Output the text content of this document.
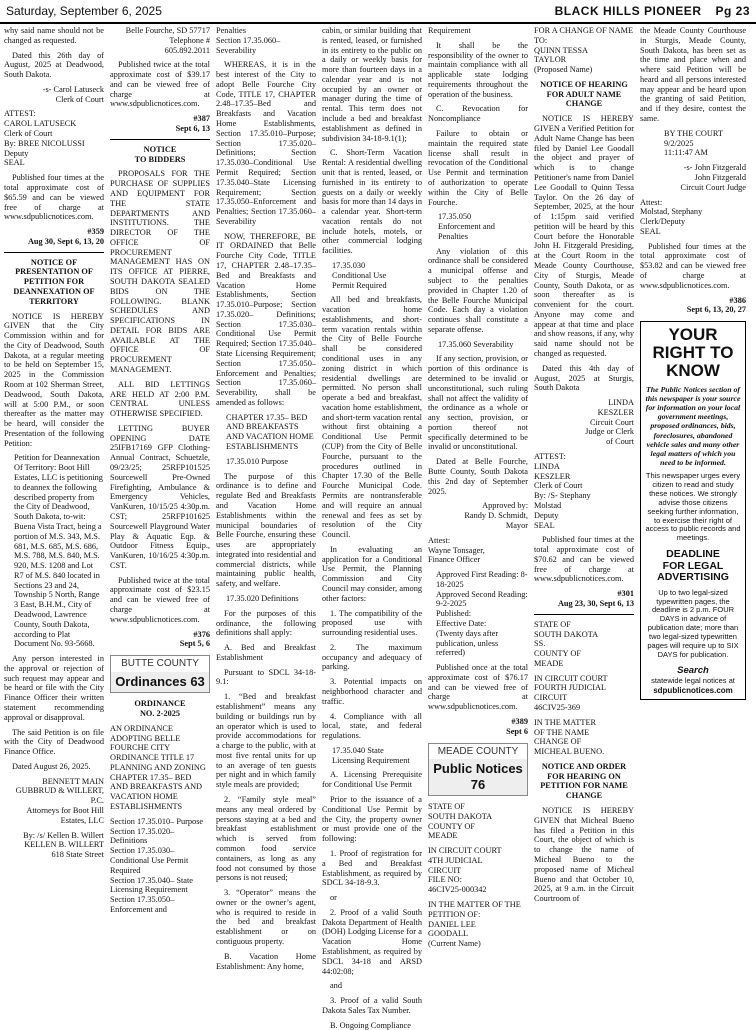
Saturday, September 6, 2025	BLACK HILLS PIONEER Pg 23

why said name should not be changed as requested.

Dated this 26th day of August, 2025 at Deadwood, South Dakota.

-s- Carol Latuseck

Clerk of Court

ATTEST:
CAROL LATUSECK
Clerk of Court
By: BREE NICOLUSSI
Deputy
SEAL

Published four times at the total approximate cost of $65.59 and can be viewed free of charge at www.sdpublicnotices.com.

#359

Aug 30, Sept 6, 13, 20

NOTICE OF PRESENTATION OF PETITION FOR DEANNEXATION OF TERRITORY

NOTICE IS HEREBY GIVEN that the City Commission within and for the City of Deadwood, South Dakota, at a regular meeting to be held on September 15, 2025 in the Commission Room at 102 Sherman Street, Deadwood, South Dakota, will at 5:00 P.M., or soon thereafter as the matter may be heard, will consider the Presentation of the following Petition:

Petition for Deannexation Of Territory: Boot Hill Estates, LLC is petitioning to deannex the following described property from the City of Deadwood, South Dakota, to-wit: Buena Vista Tract, being a portion of M.S. 343, M.S. 681, M.S. 685, M.S. 686, M.S. 788, M.S. 840, M.S. 920, M.S. 1208 and Lot R7 of M.S. 840 located in Sections 23 and 24, Township 5 North, Range 3 East, B.H.M., City of Deadwood, Lawrence County, South Dakota, according to Plat Document No. 93-5668.

Any person interested in the approval or rejection of such request may appear and be heard or file with the City Finance Officer their written statement recommending approval or disapproval.

The said Petition is on file with the City of Deadwood Finance Office.

Dated August 26, 2025.

BENNETT MAIN GUBBRUD & WILLERT, P.C.
Attorneys for Boot Hill Estates, LLC

By: /s/ Kellen B. Willert
KELLEN B. WILLERT
618 State Street

Belle Fourche, SD 57717
Telephone #
605.892.2011

Published twice at the total approximate cost of $39.17 and can be viewed free of charge at www.sdpublicnotices.com.

#387

Sept 6, 13

NOTICE
TO BIDDERS

PROPOSALS FOR THE PURCHASE OF SUPPLIES AND EQUIPMENT FOR THE STATE DEPARTMENTS AND INSTITUTIONS. THE DIRECTOR OF THE OFFICE OF PROCUREMENT MANAGEMENT HAS ON ITS OFFICE AT PIERRE, SOUTH DAKOTA SEALED BIDS ON THE FOLLOWING. BLANK SCHEDULES AND SPECIFICATIONS IN DETAIL FOR BIDS ARE AVAILABLE AT THE OFFICE OF PROCUREMENT MANAGEMENT.

ALL BID LETTINGS ARE HELD AT 2:00 P.M. CENTRAL UNLESS OTHERWISE SPECIFIED.

LETTING BUYER OPENING DATE 25IFB17169 GFP Clothing-Annual Contract, Schuetzle, 09/23/25; 25RFP101525 Sourcewell Pre-Owned Firefighting, Ambulance & Emergency Vehicles, VanKuren, 10/15/25 4:30p.m. CST; 25RFP101625 Sourcewell Playground Water Play & Aquatic Eqp. & Outdoor Fitness Equip., VanKuren, 10/16/25 4:30p.m. CST.

Published twice at the total approximate cost of $23.15 and can be viewed free of charge at www.sdpublicnotices.com.

#376

Sept 5, 6

BUTTE COUNTY
Ordinances 63

ORDINANCE
NO. 2-2025

AN ORDINANCE ADOPTING BELLE FOURCHE CITY ORDINANCE TITLE 17 PLANNING AND ZONING CHAPTER 17.35– BED AND BREAKFASTS AND VACATION HOME ESTABLISHMENTS

Section 17.35.010– Purpose
Section 17.35.020– Definitions
Section 17.35.030– Conditional Use Permit Required
Section 17.35.040– State Licensing Requirement
Section 17.35.050– Enforcement and

Penalties
Section 17.35.060– Severability

WHEREAS, it is in the best interest of the City to adopt Belle Fourche City Code, TITLE 17, CHAPTER 2.48–17.35–Bed and Breakfasts and Vacation Home Establishments, Section 17.35.010–Purpose; Section 17.35.020– Definitions; Section 17.35.030–Conditional Use Permit Required; Section 17.35.040–State Licensing Requirement; Section 17.35.050–Enforcement and Penalties; Section 17.35.060–Severability

NOW, THEREFORE, BE IT ORDAINED that Belle Fourche City Code, TITLE 17, CHAPTER 2.48–17.35–Bed and Breakfasts and Vacation Home Establishments, Section 17.35.010–Purpose; Section 17.35.020– Definitions; Section 17.35.030–Conditional Use Permit Required; Section 17.35.040–State Licensing Requirement; Section 17.35.050–Enforcement and Penalties; Section 17.35.060–Severability, shall be amended as follows:

CHAPTER 17.35– BED AND BREAKFASTS AND VACATION HOME ESTABLISHMENTS

17.35.010 Purpose

The purpose of this ordinance is to define and regulate Bed and Breakfasts and Vacation Home Establishments within the municipal boundaries of Belle Fourche, ensuring these uses are appropriately integrated into residential and commercial districts, while maintaining public health, safety, and welfare.

17.35.020 Definitions

For the purposes of this ordinance, the following definitions shall apply:

A. Bed and Breakfast Establishment

Pursuant to SDCL 34-18-9.1:

1. “Bed and breakfast establishment” means any building or buildings run by an operator which is used to provide accommodations for a charge to the public, with at most five rental units for up to an average of ten guests per night and in which family style meals are provided;

2. “Family style meal” means any meal ordered by persons staying at a bed and breakfast establishment which is served from common food service containers, as long as any food not consumed by those persons is not reused;

3. “Operator” means the owner or the owner’s agent, who is required to reside in the bed and breakfast establishment or on contiguous property.

B. Vacation Home Establishment: Any home,

cabin, or similar building that is rented, leased, or furnished in its entirety to the public on a daily or weekly basis for more than fourteen days in a calendar year and is not occupied by an owner or manager during the time of rental. This term does not include a bed and breakfast establishment as defined in subdivision 34-18-9.1(1);

C. Short-Term Vacation Rental: A residential dwelling unit that is rented, leased, or furnished in its entirety to guests on a daily or weekly basis for more than 14 days in a calendar year. Short-term vacation rentals do not include hotels, motels, or other commercial lodging facilities.

17.35.030
Conditional Use
Permit Required

All bed and breakfasts, vacation home establishments, and short-term vacation rentals within the City of Belle Fourche shall be considered conditional uses in any zoning district in which residential dwellings are permitted. No person shall operate a bed and breakfast, vacation home establishment, and short-term vacation rental without first obtaining a Conditional Use Permit (CUP) from the City of Belle Fourche, pursuant to the procedures outlined in Chapter 17.30 of the Belle Fourche Municipal Code. Permits are nontransferable and will require an annual renewal and fees as set by resolution of the City Council.

In evaluating an application for a Conditional Use Permit, the Planning Commission and City Council may consider, among other factors:

1. The compatibility of the proposed use with surrounding residential uses.

2. The maximum occupancy and adequacy of parking.

3. Potential impacts on neighborhood character and traffic.

4. Compliance with all local, state, and federal regulations.

17.35.040 State
Licensing Requirement

A. Licensing Prerequisite for Conditional Use Permit

Prior to the issuance of a Conditional Use Permit by the City, the property owner or must provide one of the following:

1. Proof of registration for a Bed and Breakfast Establishment, as required by SDCL 34-18-9.3.

or

2. Proof of a valid South Dakota Department of Health (DOH) Lodging License for a Vacation Home Establishment, as required by SDCL 34-18 and ARSD 44:02:08;

and

3. Proof of a valid South Dakota Sales Tax Number.

B. Ongoing Compliance

Requirement

It shall be the responsibility of the owner to maintain compliance with all applicable state lodging requirements throughout the operation of the business.

C. Revocation for Noncompliance

Failure to obtain or maintain the required state license shall result in revocation of the Conditional Use Permit and termination of authorization to operate within the City of Belle Fourche.

17.35.050
Enforcement and
Penalties

Any violation of this ordinance shall be considered a municipal offense and subject to the penalties provided in Chapter 1.20 of the Belle Fourche Municipal Code. Each day a violation continues shall constitute a separate offense.

17.35.060 Severability

If any section, provision, or portion of this ordinance is determined to be invalid or unconstitutional, such ruling shall not affect the validity of the ordinance as a whole or any section, provision, or portion thereof not specifically determined to be invalid or unconstitutional.

Dated at Belle Fourche, Butte County, South Dakota this 2nd day of September 2025.

Approved by:
Randy D. Schmidt,
Mayor

Attest:
Wayne Tonsager,
Finance Officer

Approved First Reading: 8-18-2025
Approved Second Reading: 9-2-2025
Published:
Effective Date:
(Twenty days after publication, unless referred)

Published once at the total approximate cost of $76.17 and can be viewed free of charge at www.sdpublicnotices.com.

#389

Sept 6

MEADE COUNTY
Public Notices 76

STATE OF
SOUTH DAKOTA
COUNTY OF
MEADE

IN CIRCUIT COURT
4TH JUDICIAL
CIRCUIT
FILE NO:
46CIV25-000342

IN THE MATTER OF THE PETITION OF:
DANIEL LEE
GOODALL
(Current Name)

FOR A CHANGE OF NAME TO:
QUINN TESSA
TAYLOR
(Proposed Name)

NOTICE OF HEARING FOR ADULT NAME CHANGE

NOTICE IS HEREBY GIVEN a Verified Petition for Adult Name Change has been filed by Daniel Lee Goodall the object and prayer of which is to change Petitioner's name from Daniel Lee Goodall to Quinn Tessa Taylor. On the 26 day of September, 2025, at the hour of 1:15pm said verified petition will be heard by this Court before the Honorable John H. Fitzgerald Presiding, at the Court Room in the Meade County Courthouse, City of Sturgis, Meade County, South Dakota, or as soon thereafter as is convenient for the court. Anyone may come and appear at that time and place and show reasons, if any, why said name should not be changed as requested.

Dated this 4th day of August, 2025 at Sturgis, South Dakota

LINDA
KESZLER

Circuit Court
Judge or Clerk
of Court

ATTEST:
LINDA
KESZLER
Clerk of Court
By: /S- Stephany
Molstad
Deputy
SEAL

Published four times at the total approximate cost of $70.62 and can be viewed free of charge at www.sdpublicnotices.com.

#301

Aug 23, 30, Sept 6, 13

STATE OF
SOUTH DAKOTA
SS.
COUNTY OF
MEADE

IN CIRCUIT COURT
FOURTH JUDICIAL
CIRCUIT
46CIV25-369

IN THE MATTER
OF THE NAME
CHANGE OF
MICHEAL BUENO.

NOTICE AND ORDER FOR HEARING ON PETITION FOR NAME CHANGE

NOTICE IS HEREBY GIVEN that Micheal Bueno has filed a Petition in this Court, the object of which is to change the name of Micheal Bueno to the proposed name of Micheal Bueno and that October 10, 2025, at 9 a.m. in the Circuit Courtroom of

the Meade County Courthouse in Sturgis, Meade County, South Dakota, has been set as the time and place when and where said Petition will be heard and all persons interested may appear and be heard upon the granting of said Petition, and if they desire, contest the same.

BY THE COURT
9/2/2025
11:11:47 AM

-s- John Fitzgerald
John Fitzgerald
Circuit Court Judge

Attest:
Molstad, Stephany
Clerk/Deputy
SEAL

Published four times at the total approximate cost of $53.82 and can be viewed free of charge at www.sdpublicnotices.com.

#386

Sept 6, 13, 20, 27

YOUR
RIGHT TO
KNOW
The Public Notices section of this newspaper is your source for information on your local government meetings, proposed ordinances, bids, foreclosures, abandoned vehicle sales and many other legal matters of which you need to be informed.
This newspaper urges every citizen to read and study these notices. We strongly advise those citizens seeking further information, to exercise their right of access to public records and meetings.
DEADLINE
FOR LEGAL
ADVERTISING
Up to two legal-sized typewritten pages, the deadline is 2 p.m. FOUR DAYS in advance of publication date; more than two legal-sized typewritten pages will require up to SIX DAYS for publication.
Search
statewide legal notices at
sdpublicnotices.com
